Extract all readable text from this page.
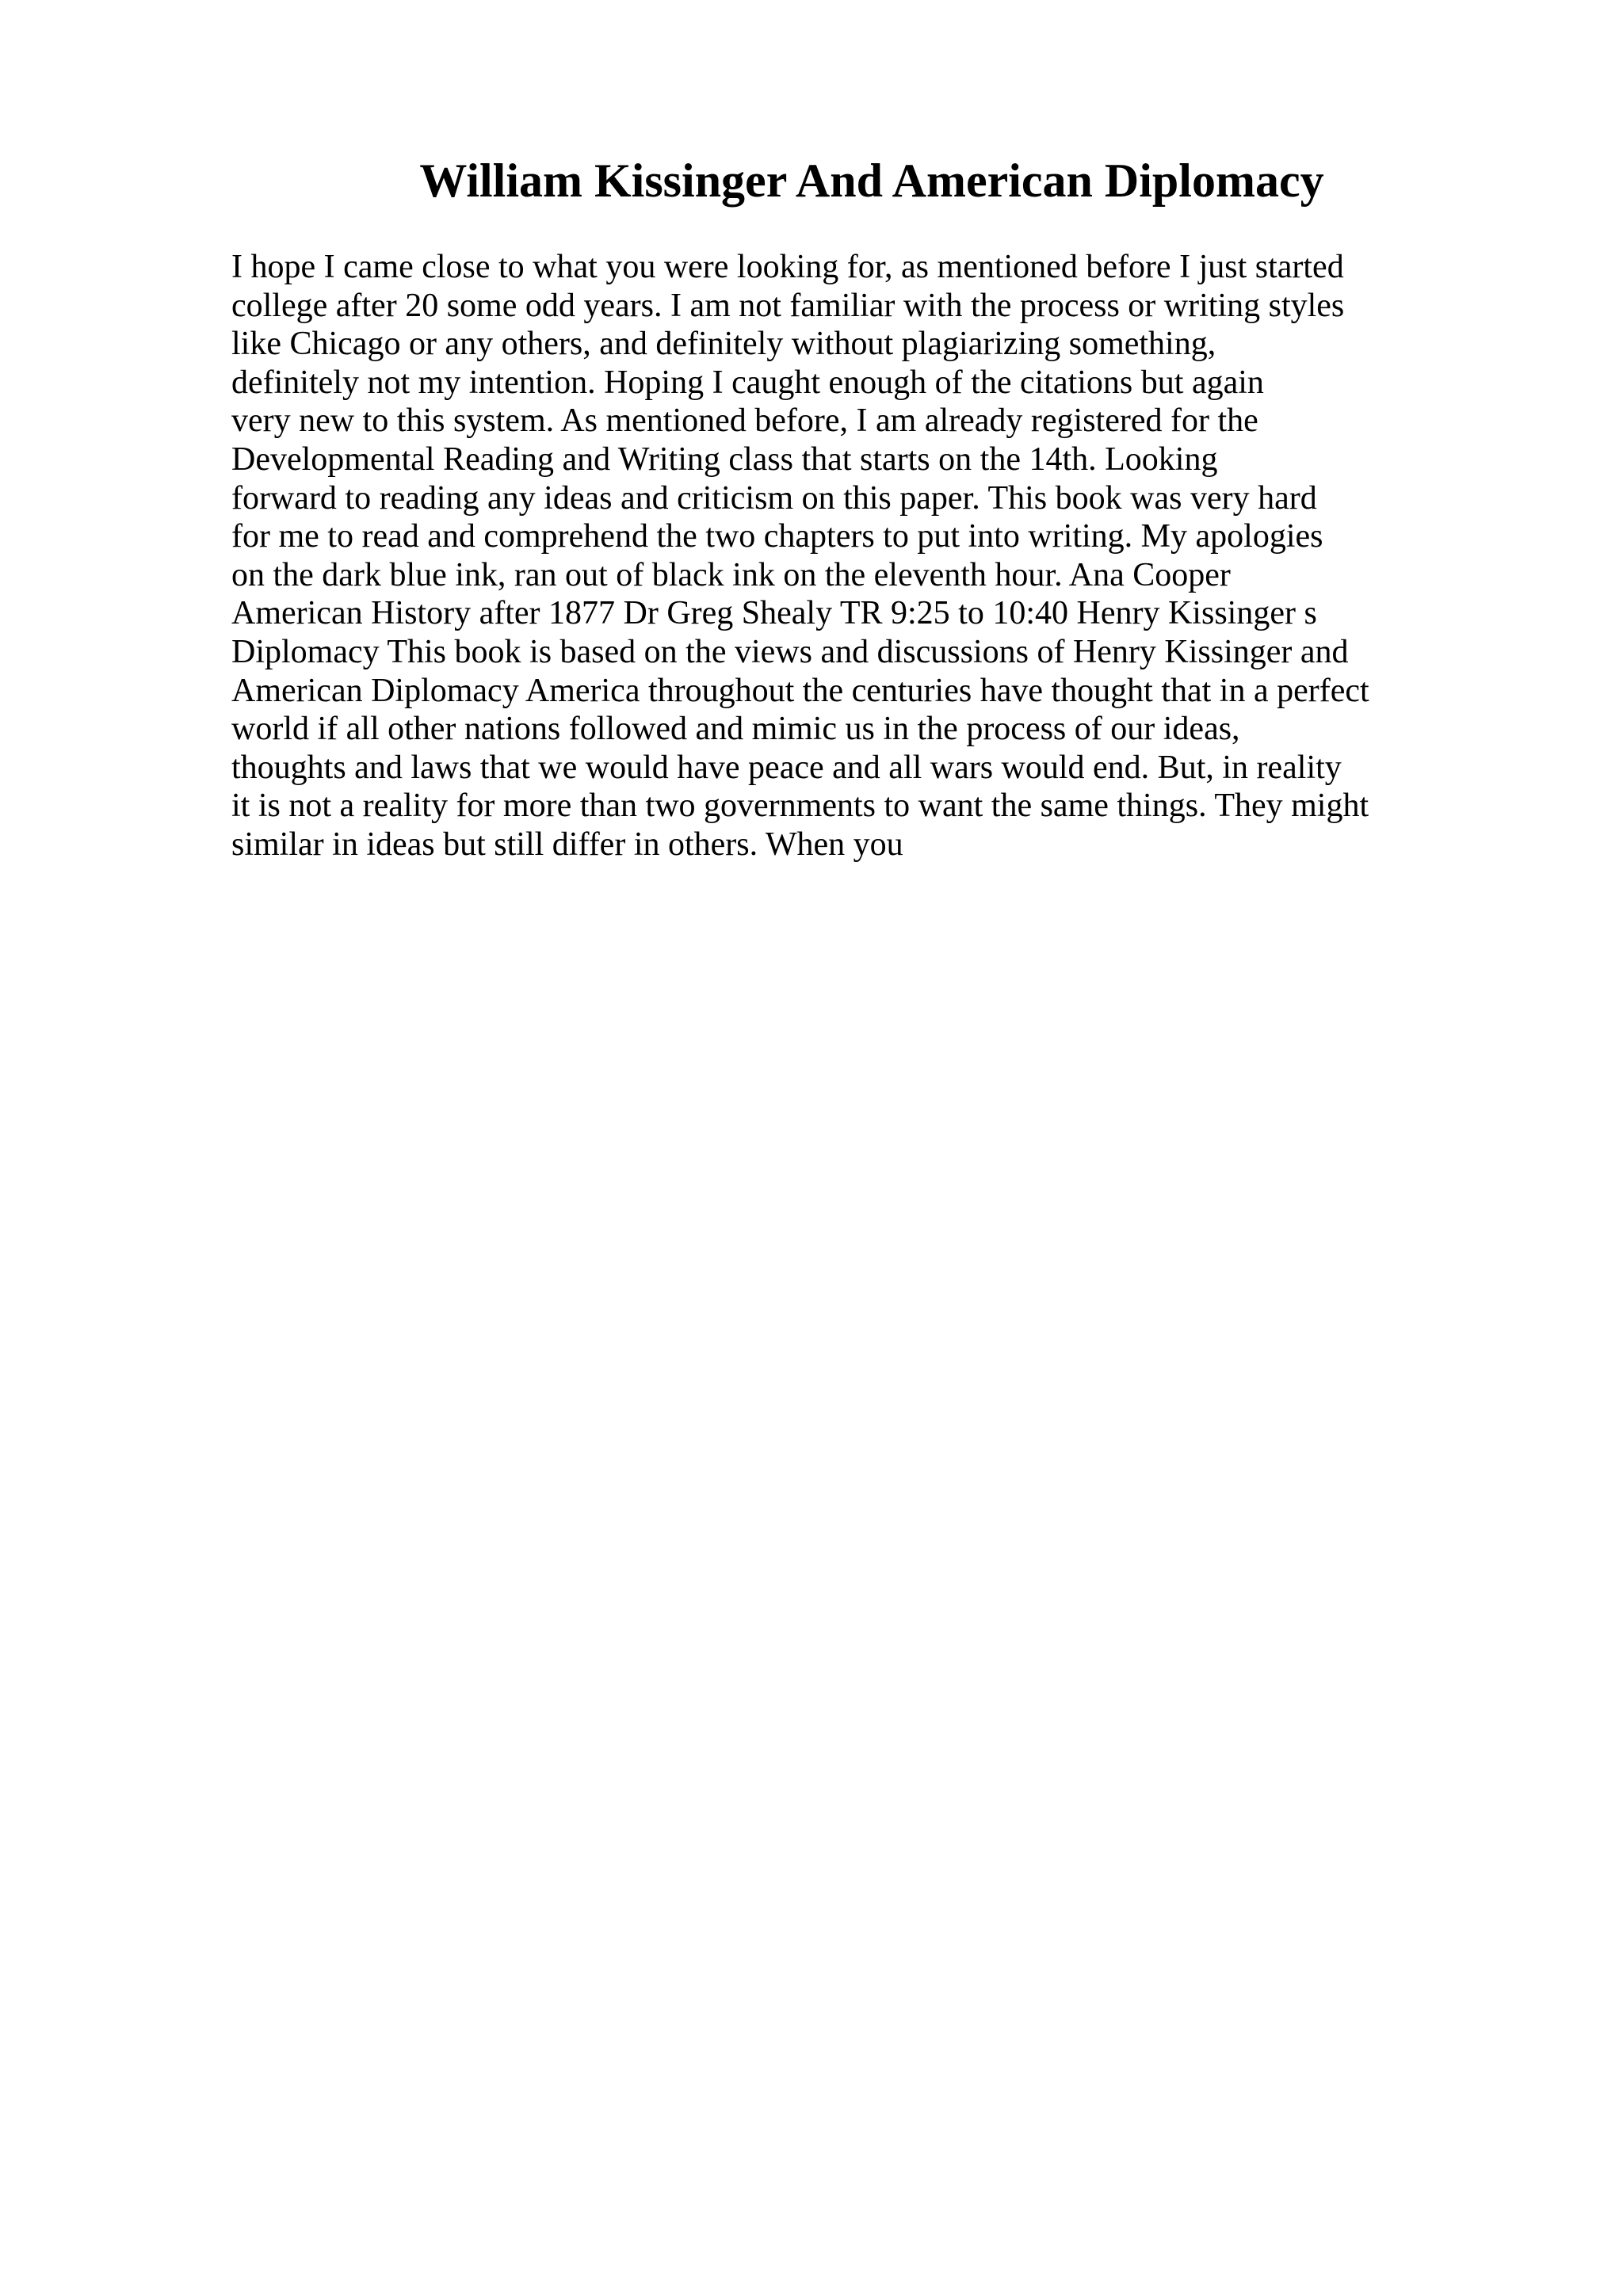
William Kissinger And American Diplomacy
I hope I came close to what you were looking for, as mentioned before I just started
college after 20 some odd years. I am not familiar with the process or writing styles
like Chicago or any others, and definitely without plagiarizing something,
definitely not my intention. Hoping I caught enough of the citations but again
very new to this system. As mentioned before, I am already registered for the
Developmental Reading and Writing class that starts on the 14th. Looking
forward to reading any ideas and criticism on this paper. This book was very hard
for me to read and comprehend the two chapters to put into writing. My apologies
on the dark blue ink, ran out of black ink on the eleventh hour. Ana Cooper
American History after 1877 Dr Greg Shealy TR 9:25 to 10:40 Henry Kissinger s
Diplomacy This book is based on the views and discussions of Henry Kissinger and
American Diplomacy America throughout the centuries have thought that in a perfect
world if all other nations followed and mimic us in the process of our ideas,
thoughts and laws that we would have peace and all wars would end. But, in reality
it is not a reality for more than two governments to want the same things. They might
similar in ideas but still differ in others. When you
